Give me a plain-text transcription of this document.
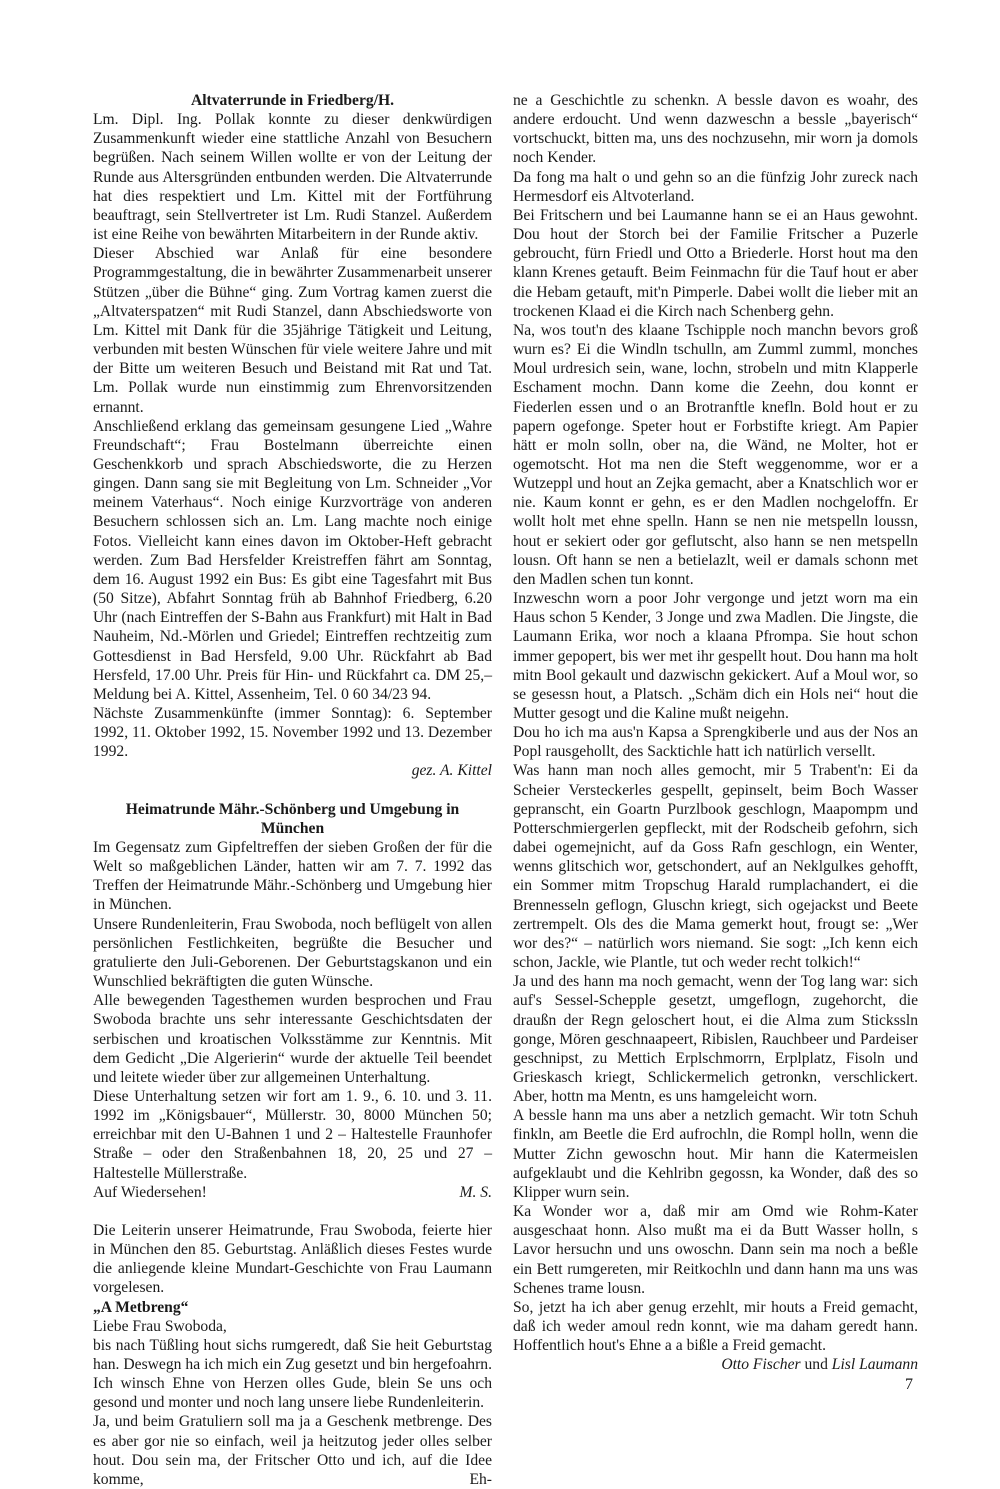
Altvaterrunde in Friedberg/H.

Lm. Dipl. Ing. Pollak konnte zu dieser denkwürdigen Zusammenkunft wieder eine stattliche Anzahl von Besuchern begrüßen. Nach seinem Willen wollte er von der Leitung der Runde aus Altersgründen entbunden werden. Die Altvaterrunde hat dies respektiert und Lm. Kittel mit der Fortführung beauftragt, sein Stellvertreter ist Lm. Rudi Stanzel. Außerdem ist eine Reihe von bewährten Mitarbeitern in der Runde aktiv.

Dieser Abschied war Anlaß für eine besondere Programmgestaltung, die in bewährter Zusammenarbeit unserer Stützen „über die Bühne“ ging. Zum Vortrag kamen zuerst die „Altvaterspatzen“ mit Rudi Stanzel, dann Abschiedsworte von Lm. Kittel mit Dank für die 35jährige Tätigkeit und Leitung, verbunden mit besten Wünschen für viele weitere Jahre und mit der Bitte um weiteren Besuch und Beistand mit Rat und Tat. Lm. Pollak wurde nun einstimmig zum Ehrenvorsitzenden ernannt.

Anschließend erklang das gemeinsam gesungene Lied „Wahre Freundschaft“; Frau Bostelmann überreichte einen Geschenkkorb und sprach Abschiedsworte, die zu Herzen gingen. Dann sang sie mit Begleitung von Lm. Schneider „Vor meinem Vaterhaus“. Noch einige Kurzvorträge von anderen Besuchern schlossen sich an. Lm. Lang machte noch einige Fotos. Vielleicht kann eines davon im Oktober-Heft gebracht werden. Zum Bad Hersfelder Kreistreffen fährt am Sonntag, dem 16. August 1992 ein Bus: Es gibt eine Tagesfahrt mit Bus (50 Sitze), Abfahrt Sonntag früh ab Bahnhof Friedberg, 6.20 Uhr (nach Eintreffen der S-Bahn aus Frankfurt) mit Halt in Bad Nauheim, Nd.-Mörlen und Griedel; Eintreffen rechtzeitig zum Gottesdienst in Bad Hersfeld, 9.00 Uhr. Rückfahrt ab Bad Hersfeld, 17.00 Uhr. Preis für Hin- und Rückfahrt ca. DM 25,– Meldung bei A. Kittel, Assenheim, Tel. 0 60 34/23 94.

Nächste Zusammenkünfte (immer Sonntag): 6. September 1992, 11. Oktober 1992, 15. November 1992 und 13. Dezember 1992.

gez. A. Kittel

Heimatrunde Mähr.-Schönberg und Umgebung in München

Im Gegensatz zum Gipfeltreffen der sieben Großen der für die Welt so maßgeblichen Länder, hatten wir am 7. 7. 1992 das Treffen der Heimatrunde Mähr.-Schönberg und Umgebung hier in München.

Unsere Rundenleiterin, Frau Swoboda, noch beflügelt von allen persönlichen Festlichkeiten, begrüßte die Besucher und gratulierte den Juli-Geborenen. Der Geburtstagskanon und ein Wunschlied bekräftigten die guten Wünsche.

Alle bewegenden Tagesthemen wurden besprochen und Frau Swoboda brachte uns sehr interessante Geschichtsdaten der serbischen und kroatischen Volksstämme zur Kenntnis. Mit dem Gedicht „Die Algerierin“ wurde der aktuelle Teil beendet und leitete wieder über zur allgemeinen Unterhaltung.

Diese Unterhaltung setzen wir fort am 1. 9., 6. 10. und 3. 11. 1992 im „Königsbauer“, Müllerstr. 30, 8000 München 50; erreichbar mit den U-Bahnen 1 und 2 – Haltestelle Fraunhofer Straße – oder den Straßenbahnen 18, 20, 25 und 27 – Haltestelle Müllerstraße.

Auf Wiedersehen!	M. S.

Die Leiterin unserer Heimatrunde, Frau Swoboda, feierte hier in München den 85. Geburtstag. Anläßlich dieses Festes wurde die anliegende kleine Mundart-Geschichte von Frau Laumann vorgelesen.

„A Metbreng“

Liebe Frau Swoboda,

bis nach Tüßling hout sichs rumgeredt, daß Sie heit Geburtstag han. Deswegn ha ich mich ein Zug gesetzt und bin hergefoahrn. Ich winsch Ehne von Herzen olles Gude, blein Se uns och gesond und monter und noch lang unsere liebe Rundenleiterin.

Ja, und beim Gratuliern soll ma ja a Geschenk metbrenge. Des es aber gor nie so einfach, weil ja heitzutog jeder olles selber hout. Dou sein ma, der Fritscher Otto und ich, auf die Idee komme, Eh-

ne a Geschichtle zu schenkn. A bessle davon es woahr, des andere erdoucht. Und wenn dazweschn a bessle „bayerisch“ vortschuckt, bitten ma, uns des nochzusehn, mir worn ja domols noch Kender.

Da fong ma halt o und gehn so an die fünfzig Johr zureck nach Hermesdorf eis Altvoterland.

Bei Fritschern und bei Laumanne hann se ei an Haus gewohnt. Dou hout der Storch bei der Familie Fritscher a Puzerle gebroucht, fürn Friedl und Otto a Briederle. Horst hout ma den klann Krenes getauft. Beim Feinmachn für die Tauf hout er aber die Hebam getauft, mit'n Pimperle. Dabei wollt die lieber mit an trockenen Klaad ei die Kirch nach Schenberg gehn.

Na, wos tout'n des klaane Tschipple noch manchn bevors groß wurn es? Ei die Windln tschulln, am Zumml zumml, monches Moul urdresich sein, wane, lochn, strobeln und mitn Klapperle Eschament mochn. Dann kome die Zeehn, dou konnt er Fiederlen essen und o an Brotranftle knefln. Bold hout er zu papern ogefonge. Speter hout er Forbstifte kriegt. Am Papier hätt er moln solln, ober na, die Wänd, ne Molter, hot er ogemotscht. Hot ma nen die Steft weggenomme, wor er a Wutzeppl und hout an Zejka gemacht, aber a Knatschlich wor er nie. Kaum konnt er gehn, es er den Madlen nochgeloffn. Er wollt holt met ehne spelln. Hann se nen nie metspelln loussn, hout er sekiert oder gor geflutscht, also hann se nen metspelln lousn. Oft hann se nen a betielazlt, weil er damals schonn met den Madlen schen tun konnt.

Inzweschn worn a poor Johr vergonge und jetzt worn ma ein Haus schon 5 Kender, 3 Jonge und zwa Madlen. Die Jingste, die Laumann Erika, wor noch a klaana Pfrompa. Sie hout schon immer gepopert, bis wer met ihr gespellt hout. Dou hann ma holt mitn Bool gekault und dazwischn gekickert. Auf a Moul wor, so se gesessn hout, a Platsch. „Schäm dich ein Hols nei“ hout die Mutter gesogt und die Kaline mußt neigehn.

Dou ho ich ma aus'n Kapsa a Sprengkiberle und aus der Nos an Popl rausgehollt, des Sacktichle hatt ich natürlich versellt.

Was hann man noch alles gemocht, mir 5 Trabent'n: Ei da Scheier Versteckerles gespellt, gepinselt, beim Boch Wasser gepranscht, ein Goartn Purzlbook geschlogn, Maapompm und Potterschmiergerlen gepfleckt, mit der Rodscheib gefohrn, sich dabei ogemejnicht, auf da Goss Rafn geschlogn, ein Wenter, wenns glitschich wor, getschondert, auf an Neklgulkes gehofft, ein Sommer mitm Tropschug Harald rumplachandert, ei die Brennesseln geflogn, Gluschn kriegt, sich ogejackst und Beete zertrempelt. Ols des die Mama gemerkt hout, frougt se: „Wer wor des?“ – natürlich wors niemand. Sie sogt: „Ich kenn eich schon, Jackle, wie Plantle, tut och weder recht tolkich!“

Ja und des hann ma noch gemacht, wenn der Tog lang war: sich auf's Sessel-Schepple gesetzt, umgeflogn, zugehorcht, die draußn der Regn geloschert hout, ei die Alma zum Stickssln gonge, Mören geschnaapeert, Ribislen, Rauchbeer und Pardeiser geschnipst, zu Mettich Erplschmorrn, Erplplatz, Fisoln und Grieskasch kriegt, Schlickermelich getronkn, verschlickert. Aber, hottn ma Mentn, es uns hamgeleicht worn.

A bessle hann ma uns aber a netzlich gemacht. Wir totn Schuh finkln, am Beetle die Erd aufrochln, die Rompl holln, wenn die Mutter Zichn gewoschn hout. Mir hann die Katermeislen aufgeklaubt und die Kehlribn gegossn, ka Wonder, daß des so Klipper wurn sein.

Ka Wonder wor a, daß mir am Omd wie Rohm-Kater ausgeschaat honn. Also mußt ma ei da Butt Wasser holln, s Lavor hersuchn und uns owoschn. Dann sein ma noch a beßle ein Bett rumgereten, mir Reitkochln und dann hann ma uns was Schenes trame lousn.

So, jetzt ha ich aber genug erzehlt, mir houts a Freid gemacht, daß ich weder amoul redn konnt, wie ma daham geredt hann. Hoffentlich hout's Ehne a a bißle a Freid gemacht.

Otto Fischer und Lisl Laumann

7
